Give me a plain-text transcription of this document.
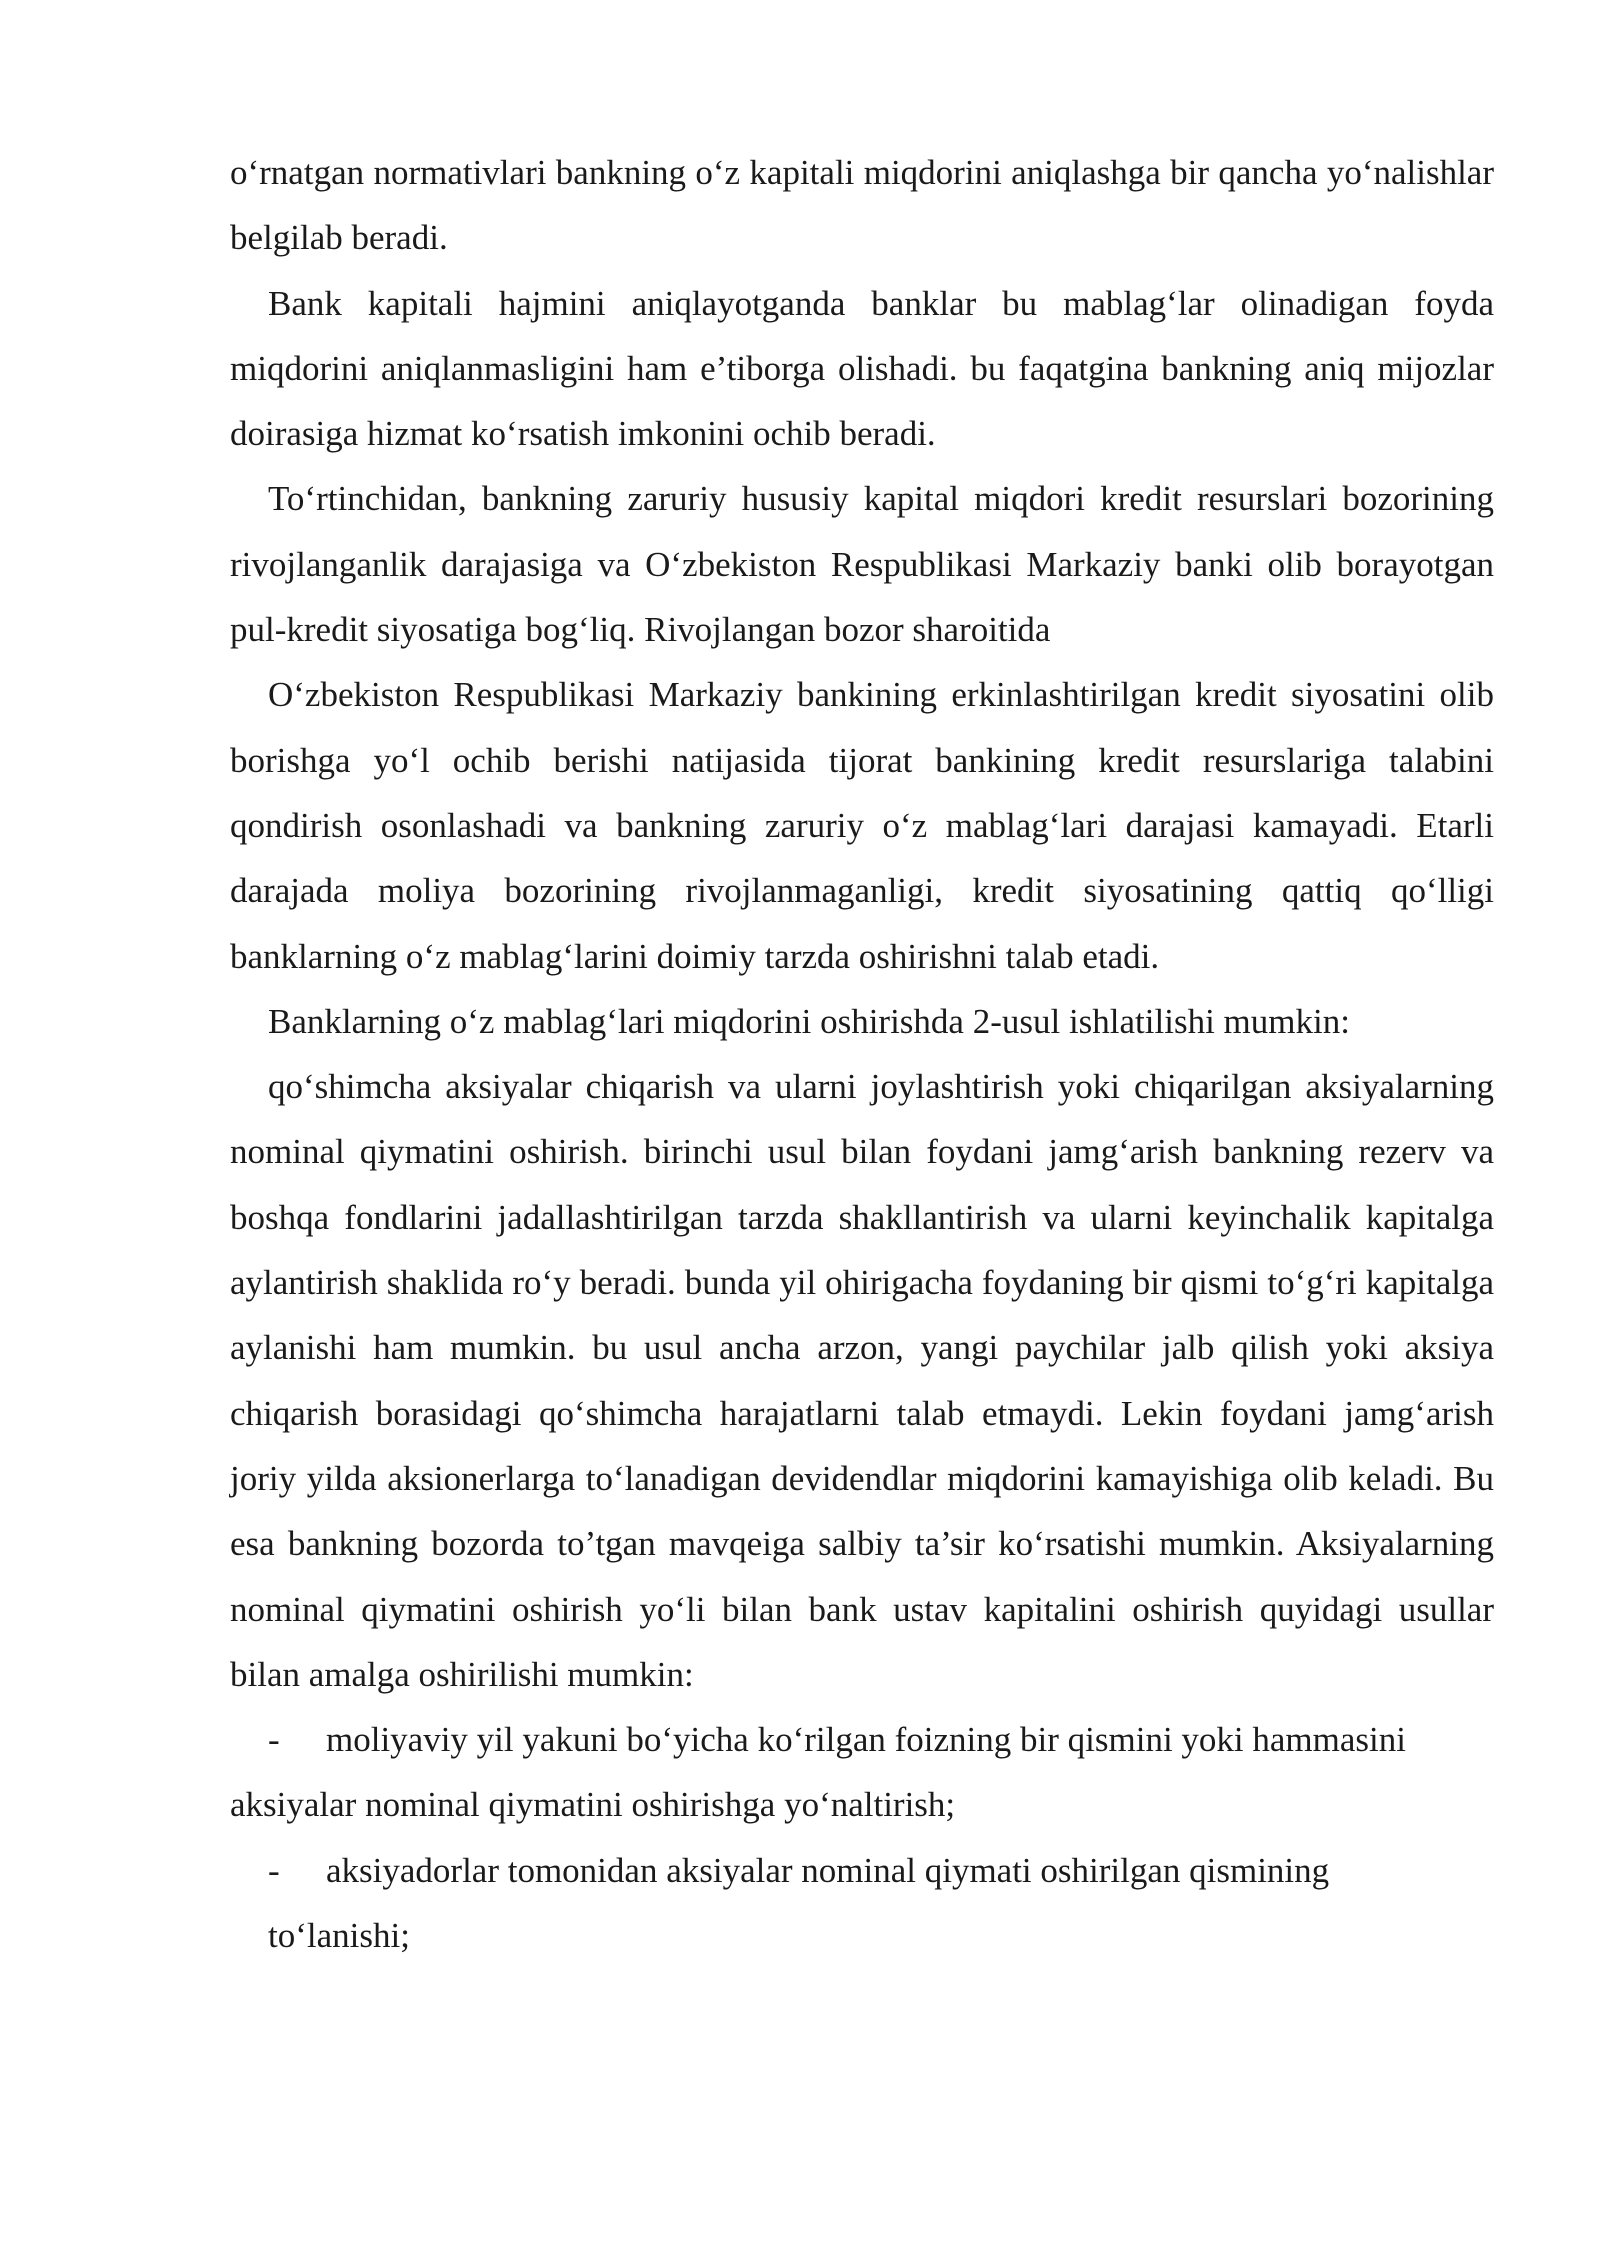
o‘rnatgan normativlari bankning o‘z kapitali miqdorini aniqlashga bir qancha yo‘nalishlar belgilab beradi.

Bank kapitali hajmini aniqlayotganda banklar bu mablag‘lar olinadigan foyda miqdorini aniqlanmasligini ham e’tiborga olishadi. bu faqatgina bankning aniq mijozlar doirasiga hizmat ko‘rsatish imkonini ochib beradi.

To‘rtinchidan, bankning zaruriy hususiy kapital miqdori kredit resurslari bozorining rivojlanganlik darajasiga va O‘zbekiston Respublikasi Markaziy banki olib borayotgan pul-kredit siyosatiga bog‘liq. Rivojlangan bozor sharoitida

O‘zbekiston Respublikasi Markaziy bankining erkinlashtirilgan kredit siyosatini olib borishga yo‘l ochib berishi natijasida tijorat bankining kredit resurslariga talabini qondirish osonlashadi va bankning zaruriy o‘z mablag‘lari darajasi kamayadi. Etarli darajada moliya bozorining rivojlanmaganligi, kredit siyosatining qattiq qo‘lligi banklarning o‘z mablag‘larini doimiy tarzda oshirishni talab etadi.

Banklarning o‘z mablag‘lari miqdorini oshirishda 2-usul ishlatilishi mumkin:

qo‘shimcha aksiyalar chiqarish va ularni joylashtirish yoki chiqarilgan aksiyalarning nominal qiymatini oshirish. birinchi usul bilan foydani jamg‘arish bankning rezerv va boshqa fondlarini jadallashtirilgan tarzda shakllantirish va ularni keyinchalik kapitalga aylantirish shaklida ro‘y beradi. bunda yil ohirigacha foydaning bir qismi to‘g‘ri kapitalga aylanishi ham mumkin. bu usul ancha arzon, yangi paychilar jalb qilish yoki aksiya chiqarish borasidagi qo‘shimcha harajatlarni talab etmaydi. Lekin foydani jamg‘arish joriy yilda aksionerlarga to‘lanadigan devidendlar miqdorini kamayishiga olib keladi. Bu esa bankning bozorda to’tgan mavqeiga salbiy ta’sir ko‘rsatishi mumkin. Aksiyalarning nominal qiymatini oshirish yo‘li bilan bank ustav kapitalini oshirish quyidagi usullar bilan amalga oshirilishi mumkin:

- moliyaviy yil yakuni bo‘yicha ko‘rilgan foizning bir qismini yoki hammasini aksiyalar nominal qiymatini oshirishga yo‘naltirish;
- aksiyadorlar tomonidan aksiyalar nominal qiymati oshirilgan qismining
to‘lanishi;
